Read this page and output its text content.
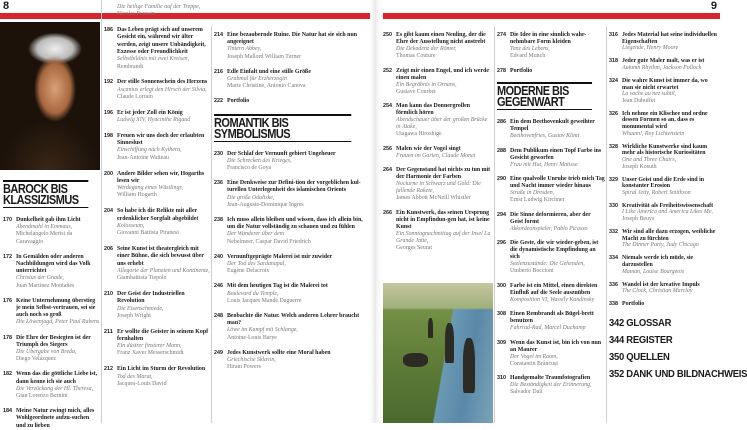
8	9
BAROCK BIS
KLASSIZISMUS
170 Dunkelheit gab ihm Licht
Abendmahl in Emmaus,
Michelangelo Merisi da Caravaggio
172 In Gemälden oder anderen Nachbildungen wird das Volk unterrichtet
Christus der Gnade,
Juan Martínez Montañés
176 Keine Unternehmung überstieg je mein Selbst-vertrauen, sei sie auch noch so groß
Die Löwenjagd, Peter Paul Rubens
178 Die Ehre der Besiegten ist der Triumph des Siegers
Die Übergabe von Breda,
Diego Velázquez
182 Wenn das die göttliche Liebe ist, dann kenne ich sie auch
Die Verzückung der Hl. Theresa,
Gian Lorenzo Bernini
184 Meine Natur zwingt mich, alles Wohlgeordnete aufzu-suchen und zu lieben
Die heilige Familie auf der Treppe,
Nicolas Poussin
186 Das Leben prägt sich auf unserem Gesicht ein, während wir älter werden, zeigt unsere Unbändigkeit, Exzesse oder Freundlichkeit
Selbstbildnis mit zwei Kreisen,
Rembrandt
192 Der stille Sonnenschein des Herzens
Ascanius erlegt den Hirsch der Silvia,
Claude Lorrain
196 Er ist jeder Zoll ein König
Ludwig XIV, Hyacinthe Rigaud
198 Freuen wir uns doch der erlaubten Sinneslust
Einschiffung nach Kythera,
Jean-Antoine Watteau
200 Andere Bilder sehen wir, Hogarths lesen wir
Werdegang eines Wüstlings,
William Hogarth
204 So habe ich die Relikte mit aller erdenklicher Sorgfalt abgebildet
Kolosseum,
Giovanni Battista Piranesi
206 Seine Kunst ist theatergleich mit einer Bühne, die sich bewusst über uns erhebt
Allegorie der Planeten und Kontinente,
Giambattista Tiepolo
210 Der Geist der Industriellen Revolution
Die Eisenschmiede,
Joseph Wright
211 Er wollte die Geister in seinem Kopf fernhalten
Ein düstrer finsterer Mann,
Franz Xaver Messerschmidt
212 Ein Licht im Sturm der Revolution
Tod des Marat,
Jacques-Louis David
214 Eine bezaubernde Ruine. Die Natur hat sie sich nun angeeignet
Tintern Abbey,
Joseph Mallord William Turner
216 Edle Einfalt und eine stille Größe
Grabmal für Erzherzogin
Marie Christine, Antonio Canova
222 Portfolio
ROMANTIK BIS
SYMBOLISMUS
230 Der Schlaf der Vernunft gebiert Ungeheuer
Die Schrecken des Krieges,
Francisco de Goya
236 Eine Denkweise zur Defini-tion der vorgeblichen kul-turellen Unterlegenheit des islamischen Orients
Die große Odaliske,
Jean-Auguste-Dominique Ingres
238 Ich muss allein bleiben und wissen, dass ich allein bin, um die Natur vollständig zu schauen und zu fühlen
Der Wanderer über dem
Nebelmeer, Caspar David Friedrich
240 Vernunftgeprägte Malerei ist mir zuwider
Der Tod des Sardanapal,
Eugène Delacroix
246 Mit dem heutigen Tag ist die Malerei tot
Boulevard du Temple,
Louis Jacques Mandé Daguerre
248 Beobachte die Natur. Welch anderen Lehrer braucht man?
Löwe im Kampf mit Schlange,
Antoine-Louis Barye
249 Jedes Kunstwerk sollte eine Moral haben
Griechische Sklavin,
Hiram Powers
250 Es gibt kaum einen Neuling, der die Ehre der Ausstellung nicht anstrebt
Die Dekadenz der Römer,
Thomas Couture
252 Zeigt mir einen Engel, und ich werde einen malen
Ein Begräbnis in Ornans,
Gustave Courbet
254 Man kann das Donnergrollen förmlich hören
Abendschauer über der großen Brücke in Atake,
Utagawa Hiroshige
256 Malen wie der Vogel singt
Frauen im Garten, Claude Monet
264 Der Gegenstand hat nichts zu tun mit der Harmonie der Farben
Nocturne in Schwarz und Gold: Die fallende Rakete,
James Abbott McNeill Whistler
266 Ein Kunstwerk, das seinen Ursprung nicht in Empfindun-gen hat, ist keine Kunst
Ein Sonntagnachmittag auf der Insel La Grande Jatte,
Georges Seurat
274 Die Idee in eine sinnlich wahr-nehmbare Form kleiden
Tanz des Lebens,
Edvard Munch
278 Portfolio
MODERNE BIS
GEGENWART
286 Ein dem Beethovenkult geweihter Tempel
Beethovenfries, Gustav Klimt
288 Dem Publikum einen Topf Farbe ins Gesicht geworfen
Frau mit Hut, Henri Matisse
290 Eine qualvolle Unruhe trieb mich Tag und Nacht immer wieder hinaus
Straße in Dresden,
Ernst Ludwig Kirchner
294 Die Sinne deformieren, aber der Geist formt
Akkordeonspieler, Pablo Picasso
296 Die Geste, die wir wieder-geben, ist die dynamistische Empfindung an sich
Seelenzustände: Die Gehenden,
Umberto Boccioni
300 Farbe ist ein Mittel, einen direkten Einfluß auf die Seele auszuüben
Komposition VI, Wassily Kandinsky
308 Einen Rembrandt als Bügel-brett benutzen
Fahrrad-Rad, Marcel Duchamp
309 Wenn das Kunst ist, bin ich von nun an Maurer
Der Vogel im Raum,
Constantin Brâncuși
310 Handgemalte Traumfotografien
Die Beständigkeit der Erinnerung,
Salvador Dalí
316 Jedes Material hat seine individuellen Eigenschaften
Liegende, Henry Moore
318 Jeder gute Maler malt, was er ist
Autumn Rhythm, Jackson Pollock
324 Die wahre Kunst ist immer da, wo man sie nicht erwartet
La vache au nez subtil,
Jean Dubuffet
326 Ich nehme ein Klischee und ordne dessen Formen so an, dass es monumental wird
Whaam!, Roy Lichtenstein
328 Wirkliche Kunstwerke sind kaum mehr als historische Kuriositäten
One and Three Chairs,
Joseph Kosuth
329 Unser Geist und die Erde sind in konstanter Erosion
Spiral Jetty, Robert Smithson
330 Kreativität als Freiheitswissenschaft
I Like America and America Likes Me,
Joseph Beuys
332 Wir sind alle dazu erzogen, weibliche Macht zu fürchten
The Dinner Party, Judy Chicago
334 Niemals werde ich müde, sie darzustellen
Maman, Louise Bourgeois
336 Wandel ist der kreative Impuls
The Clock, Christian Marclay
338 Portfolio
342 GLOSSAR
344 REGISTER
350 QUELLEN
352 DANK UND BILDNACHWEIS
